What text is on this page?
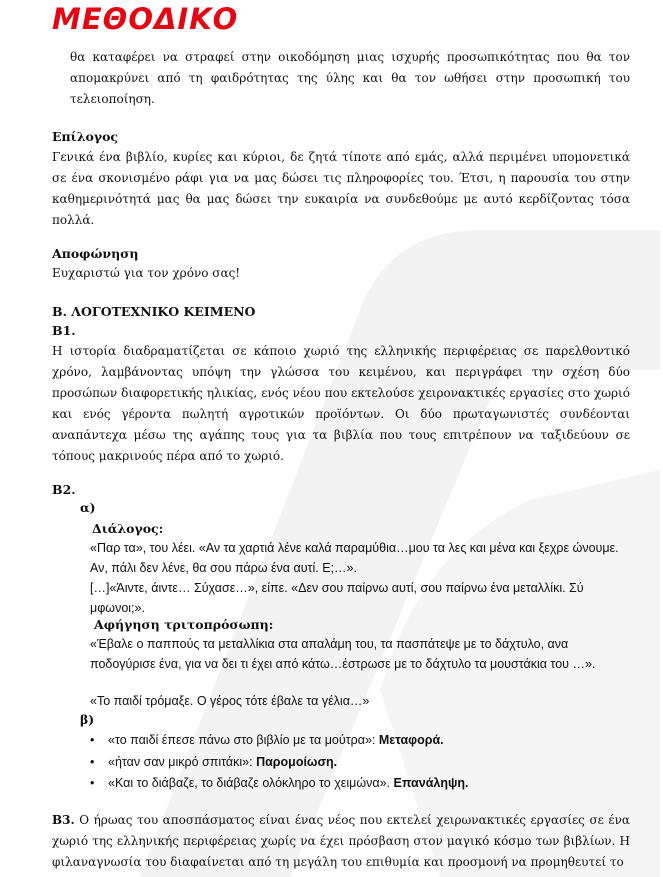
ΜΕΘΟΔΙΚΟ
θα καταφέρει να στραφεί στην οικοδόμηση μιας ισχυρής προσωπικότητας που θα τον απομακρύνει από τη φαιδρότητας της ύλης και θα τον ωθήσει στην προσωπική του τελειοποίηση.
Επίλογος
Γενικά ένα βιβλίο, κυρίες και κύριοι, δε ζητά τίποτε από εμάς, αλλά περιμένει υπομονετικά σε ένα σκονισμένο ράφι για να μας δώσει τις πληροφορίες του. Έτσι, η παρουσία του στην καθημερινότητά μας θα μας δώσει την ευκαιρία να συνδεθούμε με αυτό κερδίζοντας τόσα πολλά.
Αποφώνηση
Ευχαριστώ για τον χρόνο σας!
Β. ΛΟΓΟΤΕΧΝΙΚΟ ΚΕΙΜΕΝΟ
Β1.
Η ιστορία διαδραματίζεται σε κάποιο χωριό της ελληνικής περιφέρειας σε παρελθοντικό χρόνο, λαμβάνοντας υπόψη την γλώσσα του κειμένου, και περιγράφει την σχέση δύο προσώπων διαφορετικής ηλικίας, ενός νέου που εκτελούσε χειρονακτικές εργασίες στο χωριό και ενός γέροντα πωλητή αγροτικών προϊόντων. Οι δύο πρωταγωνιστές συνδέονται αναπάντεχα μέσω της αγάπης τους για τα βιβλία που τους επιτρέπουν να ταξιδεύουν σε τόπους μακρινούς πέρα από το χωριό.
Β2.
α)
Διάλογος:
«Παρ τα», του λέει. «Αν τα χαρτιά λένε καλά παραμύθια…μου τα λες και μένα και ξεχρε ώνουμε. Αν, πάλι δεν λένε, θα σου πάρω ένα αυτί. Ε;…».
[…]«Άιντε, άιντε… Σύχασε…», είπε. «Δεν σου παίρνω αυτί, σου παίρνω ένα μεταλλίκι. Σύ μφωνοι;».
Αφήγηση τριτοπρόσωπη:
«Έβαλε ο παππούς τα μεταλλίκια στα απαλάμη του, τα πασπάτεψε με το δάχτυλο, ανα ποδογύρισε ένα, για να δει τι έχει από κάτω…έστρωσε με το δάχτυλο τα μουστάκια του …».
«Το παιδί τρόμαξε. Ο γέρος τότε έβαλε τα γέλια…»
β)
• «το παιδί έπεσε πάνω στο βιβλίο με τα μούτρα»: Μεταφορά.
• «ήταν σαν μικρό σπιτάκι»: Παρομοίωση.
• «Και το διάβαζε, το διάβαζε ολόκληρο το χειμώνα». Επανάληψη.
Β3. Ο ήρωας του αποσπάσματος είναι ένας νέος που εκτελεί χειρωνακτικές εργασίες σε ένα χωριό της ελληνικής περιφέρειας χωρίς να έχει πρόσβαση στον μαγικό κόσμο των βιβλίων. Η φιλαναγνωσία του διαφαίνεται από τη μεγάλη του επιθυμία και προσμονή να προμηθευτεί το
